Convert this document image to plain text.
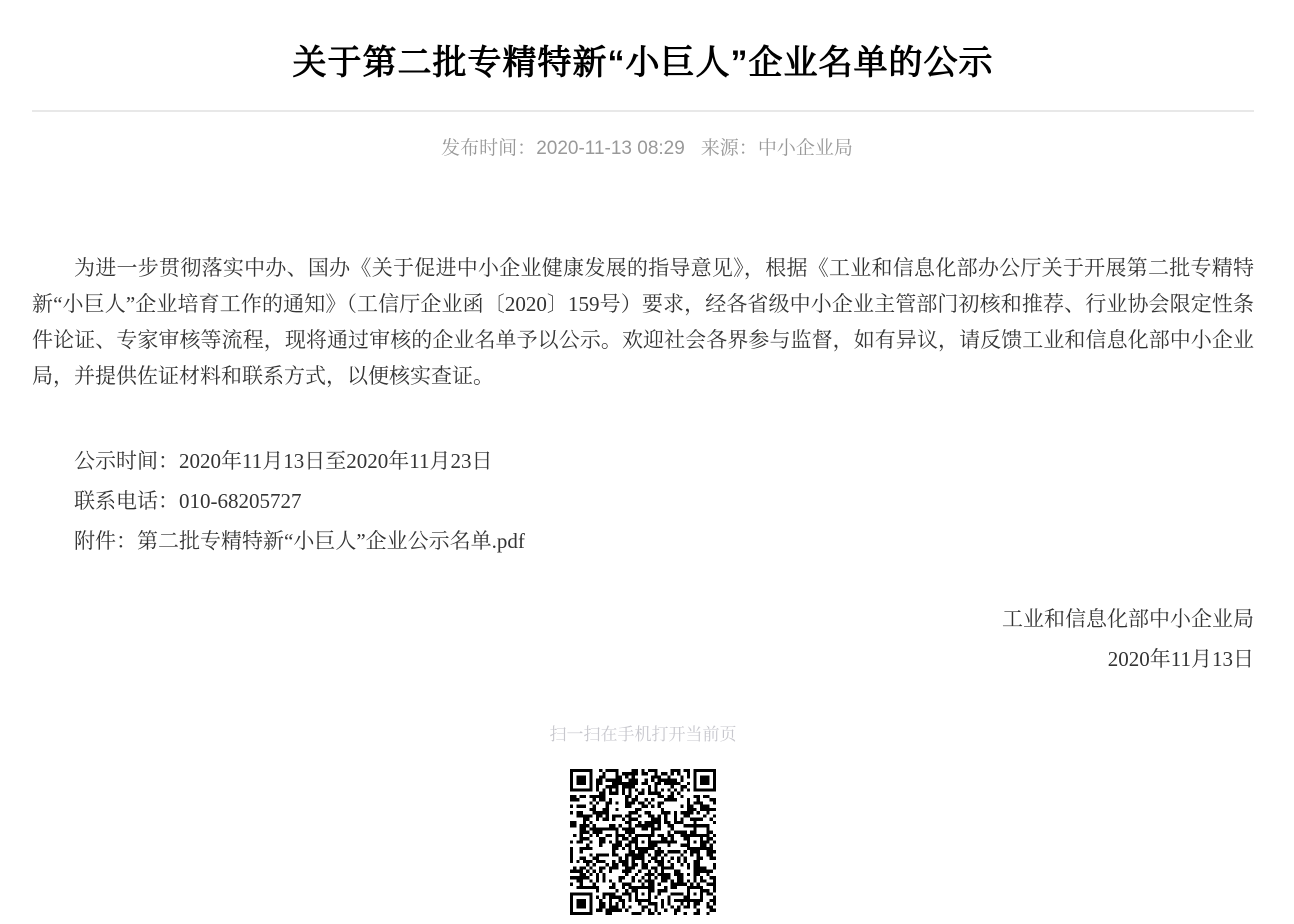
关于第二批专精特新“小巨人”企业名单的公示
发布时间：2020-11-13 08:29 来源：中小企业局

为进一步贯彻落实中办、国办《关于促进中小企业健康发展的指导意见》，根据《工业和信息化部办公厅关于开展第二批专精特新“小巨人”企业培育工作的通知》（工信厅企业函〔2020〕159号）要求，经各省级中小企业主管部门初核和推荐、行业协会限定性条件论证、专家审核等流程，现将通过审核的企业名单予以公示。欢迎社会各界参与监督，如有异议，请反馈工业和信息化部中小企业局，并提供佐证材料和联系方式，以便核实查证。

公示时间：2020年11月13日至2020年11月23日

联系电话：010-68205727

附件：第二批专精特新“小巨人”企业公示名单.pdf

工业和信息化部中小企业局

2020年11月13日

扫一扫在手机打开当前页
